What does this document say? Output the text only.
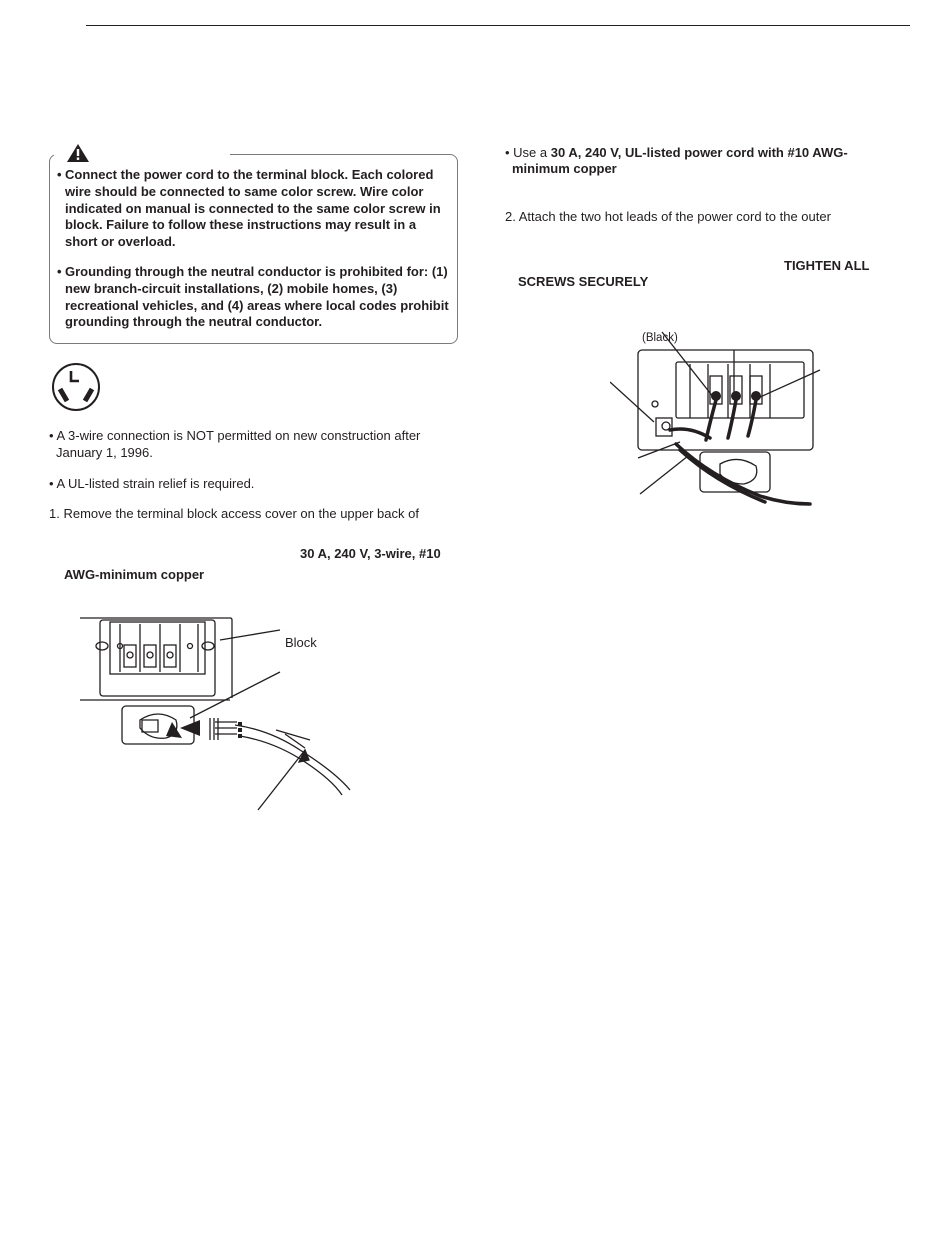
• Connect the power cord to the terminal block. Each colored wire should be connected to same color screw. Wire color indicated on manual is connected to the same color screw in block. Failure to follow these instructions may result in a short or overload.
• Grounding through the neutral conductor is prohibited for: (1) new branch-circuit installations, (2) mobile homes, (3) recreational vehicles, and (4) areas where local codes prohibit grounding through the neutral conductor.
• A 3-wire connection is NOT permitted on new construction after
January 1, 1996.
• A UL-listed strain relief is required.
1. Remove the terminal block access cover on the upper back of
30 A, 240 V, 3-wire, #10
AWG-minimum copper
Block
• Use a 30 A, 240 V, UL-listed power cord with #10 AWG-
minimum copper
2. Attach the two hot leads of the power cord to the outer
TIGHTEN ALL
SCREWS SECURELY
(Black)
